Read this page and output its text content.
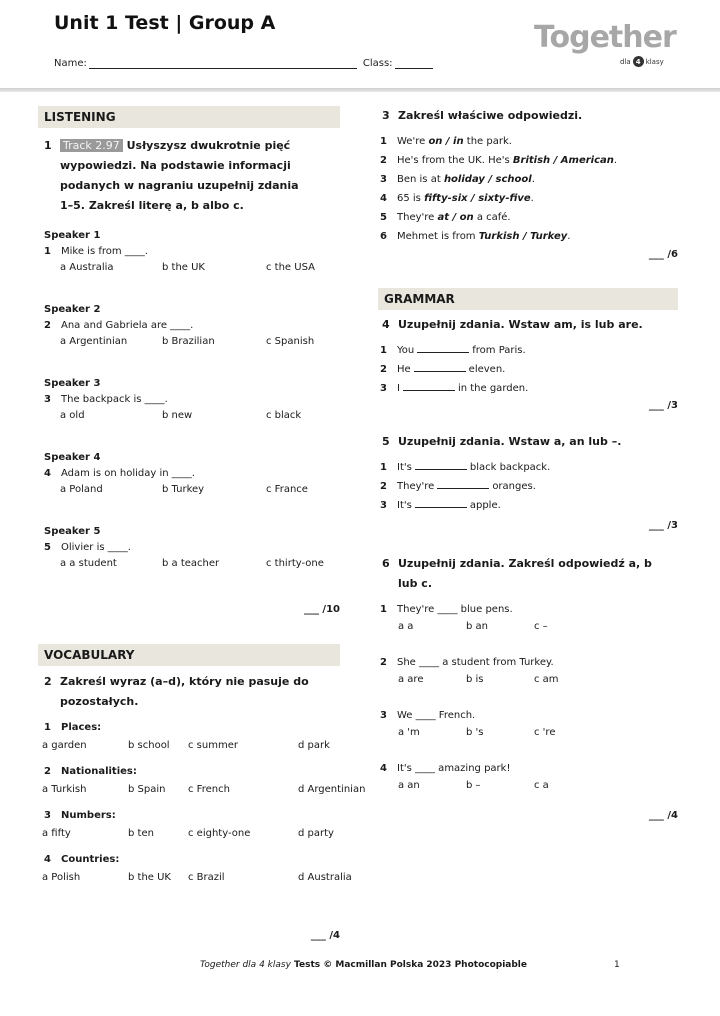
Unit 1 Test | Group A
Name:	Class:
Together
dla 4 klasy
LISTENING
1	Track 2.97 Usłyszysz dwukrotnie pięć
wypowiedzi. Na podstawie informacji
podanych w nagraniu uzupełnij zdania
1–5. Zakreśl literę a, b albo c.
Speaker 1
1	Mike is from ____.
a Australia	b the UK	c the USA
Speaker 2
2	Ana and Gabriela are ____.
a Argentinian	b Brazilian	c Spanish
Speaker 3
3	The backpack is ____.
a old	b new	c black
Speaker 4
4	Adam is on holiday in ____.
a Poland	b Turkey	c France
Speaker 5
5	Olivier is ____.
a a student	b a teacher	c thirty-one
___ /10
VOCABULARY
2 Zakreśl wyraz (a–d), który nie pasuje do
pozostałych.
1	Places:
a garden	b school c summer	d park
2	Nationalities:
a Turkish	b Spain c French	d Argentinian
3	Numbers:
a fifty	b ten	c eighty-one	d party
4	Countries:
a Polish	b the UK c Brazil	d Australia
___ /4
3 Zakreśl właściwe odpowiedzi.
1	We're on / in the park.
2	He's from the UK. He's British / American.
3	Ben is at holiday / school.
4	65 is fifty-six / sixty-five.
5	They're at / on a café.
6	Mehmet is from Turkish / Turkey.
___ /6
GRAMMAR
4 Uzupełnij zdania. Wstaw am, is lub are.
1	You	from Paris.
2	He	eleven.
3	I	in the garden.
___ /3
5 Uzupełnij zdania. Wstaw a, an lub –.
1	It's	black backpack.
2	They're	oranges.
3	It's	apple.
___ /3
6 Uzupełnij zdania. Zakreśl odpowiedź a, b
lub c.
1	They're ____ blue pens.
a a	b an	c –
2	She ____ a student from Turkey.
a are	b is	c am
3	We ____ French.
a 'm	b 's	c 're
4	It's ____ amazing park!
a an	b –	c a
___ /4
Together dla 4 klasy Tests © Macmillan Polska 2023 Photocopiable	1
